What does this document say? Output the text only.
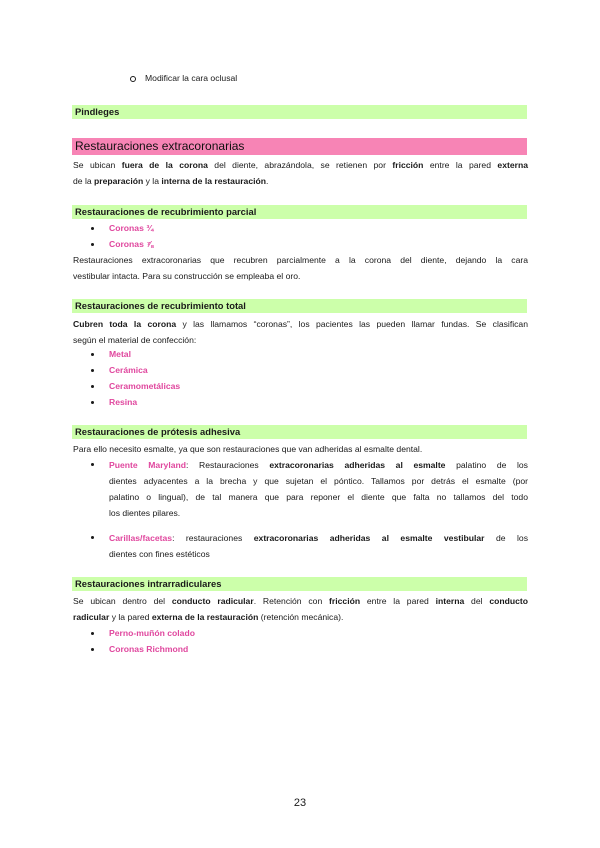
Modificar la cara oclusal
Pindleges
Restauraciones extracoronarias
Se ubican fuera de la corona del diente, abrazándola, se retienen por fricción entre la pared externa
de la preparación y la interna de la restauración.
Restauraciones de recubrimiento parcial
Coronas ¾
Coronas ⅞
Restauraciones extracoronarias que recubren parcialmente a la corona del diente, dejando la cara
vestibular intacta. Para su construcción se empleaba el oro.
Restauraciones de recubrimiento total
Cubren toda la corona y las llamamos “coronas”, los pacientes las pueden llamar fundas. Se clasifican
según el material de confección:
Metal
Cerámica
Ceramometálicas
Resina
Restauraciones de prótesis adhesiva
Para ello necesito esmalte, ya que son restauraciones que van adheridas al esmalte dental.
Puente Maryland: Restauraciones extracoronarias adheridas al esmalte palatino de los
dientes adyacentes a la brecha y que sujetan el póntico. Tallamos por detrás el esmalte (por
palatino o lingual), de tal manera que para reponer el diente que falta no tallamos del todo
los dientes pilares.
Carillas/facetas: restauraciones extracoronarias adheridas al esmalte vestibular de los
dientes con fines estéticos
Restauraciones intrarradiculares
Se ubican dentro del conducto radicular. Retención con fricción entre la pared interna del conducto
radicular y la pared externa de la restauración (retención mecánica).
Perno-muñón colado
Coronas Richmond
23
